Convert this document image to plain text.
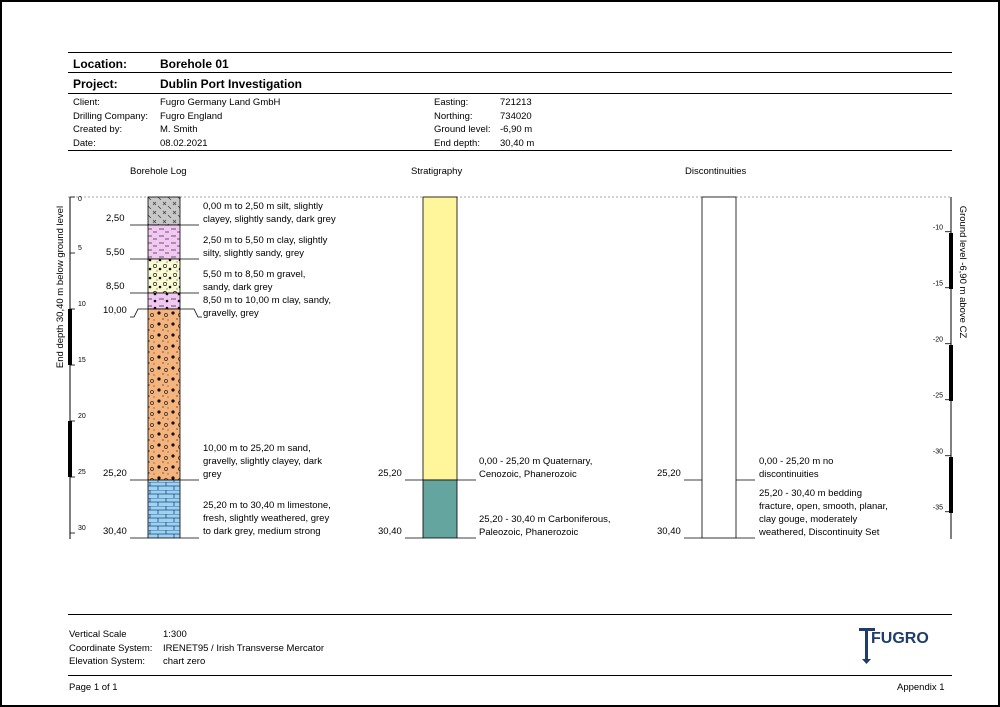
Location:	Borehole 01
Project:	Dublin Port Investigation
Client:	Fugro Germany Land GmbH
Drilling Company: Fugro England
Created by:	M. Smith
Date:	08.02.2021
Easting:	721213
Northing:	734020
Ground level: -6,90 m
End depth: 30,40 m
Borehole Log	Stratigraphy	Discontinuities
End depth 30,40 m below ground level
0
5
10
15
20
25
30
Ground level -6,90 m above CZ
-10
-15
-20
-25
-30
-35
2,50
5,50
8,50
10,00
25,20
30,40
0,00 m to 2,50 m silt, slightly
clayey, slightly sandy, dark grey
2,50 m to 5,50 m clay, slightly
silty, slightly sandy, grey
5,50 m to 8,50 m gravel,
sandy, dark grey
8,50 m to 10,00 m clay, sandy,
gravelly, grey
10,00 m to 25,20 m sand,
gravelly, slightly clayey, dark
grey
25,20 m to 30,40 m limestone,
fresh, slightly weathered, grey
to dark grey, medium strong
25,20
30,40
0,00 - 25,20 m Quaternary,
Cenozoic, Phanerozoic
25,20 - 30,40 m Carboniferous,
Paleozoic, Phanerozoic
25,20
30,40
0,00 - 25,20 m no
discontinuities
25,20 - 30,40 m bedding
fracture, open, smooth, planar,
clay gouge, moderately
weathered, Discontinuity Set
Vertical Scale	1:300
Coordinate System: IRENET95 / Irish Transverse Mercator
Elevation System: chart zero
FUGRO
Page 1 of 1	Appendix 1
